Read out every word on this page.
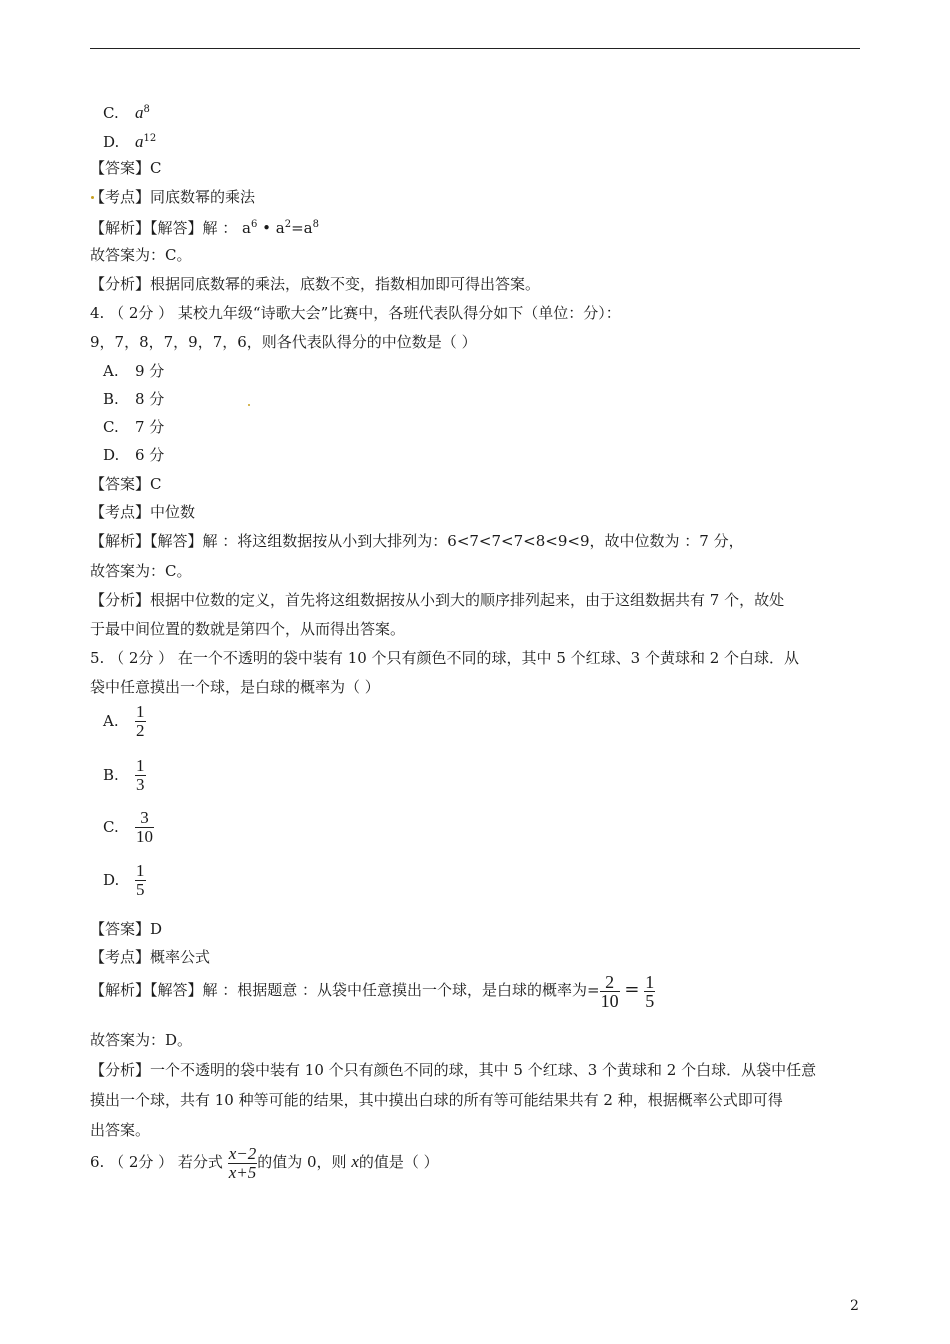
C. $a^8$
D. $a^{12}$
【答案】C
【考点】同底数幂的乘法
【解析】【解答】解 ： $a^6$ • $a^2=a^8$
故答案为：C。
【分析】根据同底数幂的乘法，底数不变，指数相加即可得出答案。
4. （ 2分 ） 某校九年级“诗歌大会”比赛中，各班代表队得分如下（单位：分）：
9，7，8，7，9，7，6，则各代表队得分的中位数是（ ）
A. 9 分
B. 8 分
C. 7 分
D. 6 分
【答案】C
【考点】中位数
【解析】【解答】解 ：将这组数据按从小到大排列为：6<7<7<7<8<9<9，故中位数为 ：7 分，
故答案为：C。
【分析】根据中位数的定义，首先将这组数据按从小到大的顺序排列起来，由于这组数据共有 7 个，故处
于最中间位置的数就是第四个，从而得出答案。
5. （ 2分 ） 在一个不透明的袋中装有 10 个只有颜色不同的球，其中 5 个红球、3 个黄球和 2 个白球．从
袋中任意摸出一个球，是白球的概率为（ ）
A. $\frac{1}{2}$
B. $\frac{1}{3}$
C. $\frac{3}{10}$
D. $\frac{1}{5}$
【答案】D
【考点】概率公式
【解析】【解答】解 ：根据题意 ：从袋中任意摸出一个球，是白球的概率为= $\frac{2}{10} = \frac{1}{5}$
故答案为：D。
【分析】一个不透明的袋中装有 10 个只有颜色不同的球，其中 5 个红球、3 个黄球和 2 个白球．从袋中任意
摸出一个球，共有 10 种等可能的结果，其中摸出白球的所有等可能结果共有 2 种，根据概率公式即可得
出答案。
6. （ 2分 ） 若分式 $\frac{x-2}{x+5}$ 的值为 0，则 x的值是（ ）
2
